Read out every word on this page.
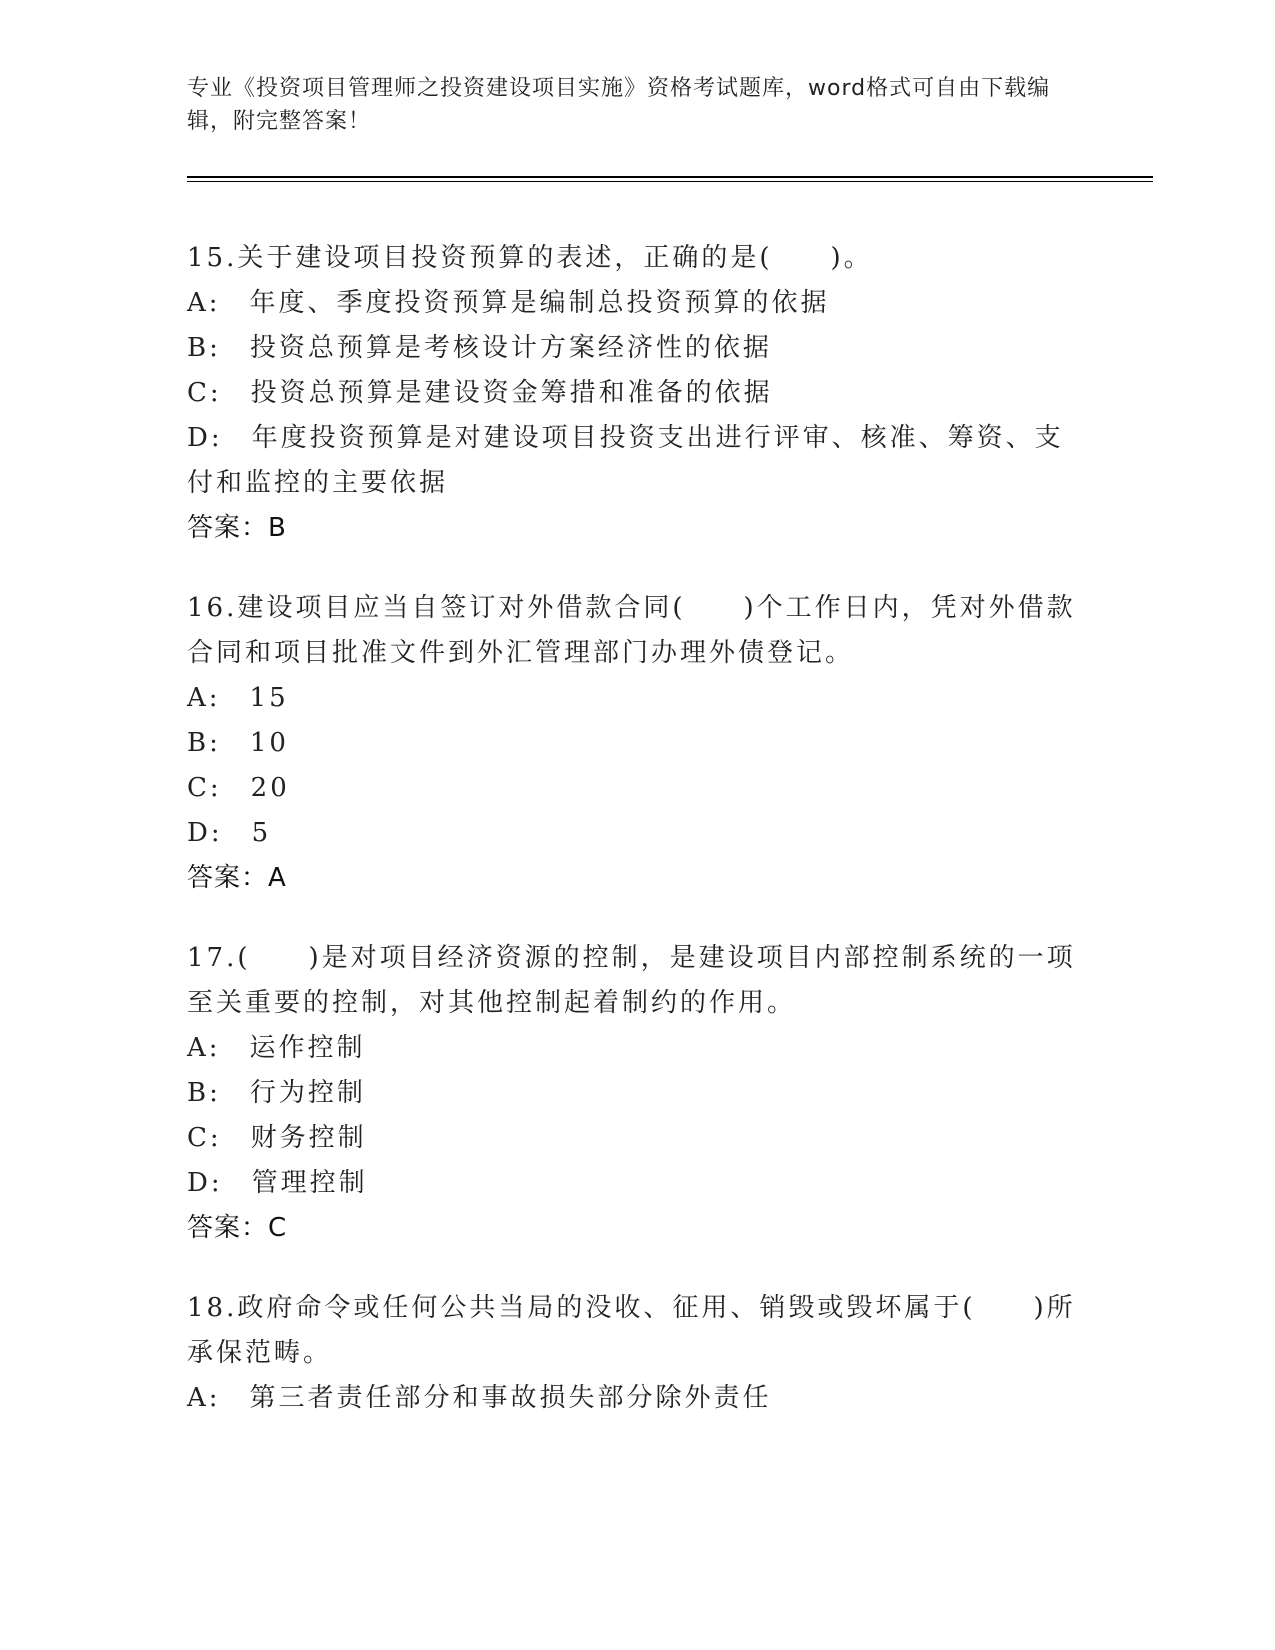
专业《投资项目管理师之投资建设项目实施》资格考试题库，word格式可自由下载编辑，附完整答案！
15.关于建设项目投资预算的表述，正确的是(　　)。
A:　年度、季度投资预算是编制总投资预算的依据
B:　投资总预算是考核设计方案经济性的依据
C:　投资总预算是建设资金筹措和准备的依据
D:　年度投资预算是对建设项目投资支出进行评审、核准、筹资、支付和监控的主要依据
答案：B
16.建设项目应当自签订对外借款合同(　　)个工作日内，凭对外借款合同和项目批准文件到外汇管理部门办理外债登记。
A:　15
B:　10
C:　20
D:　5
答案：A
17.(　　)是对项目经济资源的控制，是建设项目内部控制系统的一项至关重要的控制，对其他控制起着制约的作用。
A:　运作控制
B:　行为控制
C:　财务控制
D:　管理控制
答案：C
18.政府命令或任何公共当局的没收、征用、销毁或毁坏属于(　　)所承保范畴。
A:　第三者责任部分和事故损失部分除外责任
